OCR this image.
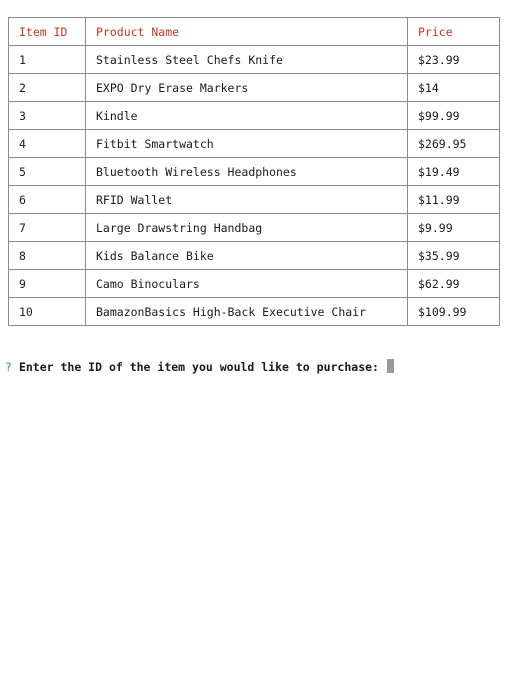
Item ID	Product Name	Price
1	Stainless Steel Chefs Knife	$23.99
2	EXPO Dry Erase Markers	$14
3	Kindle	$99.99
4	Fitbit Smartwatch	$269.95
5	Bluetooth Wireless Headphones	$19.49
6	RFID Wallet	$11.99
7	Large Drawstring Handbag	$9.99
8	Kids Balance Bike	$35.99
9	Camo Binoculars	$62.99
10	BamazonBasics High-Back Executive Chair	$109.99
? Enter the ID of the item you would like to purchase:
